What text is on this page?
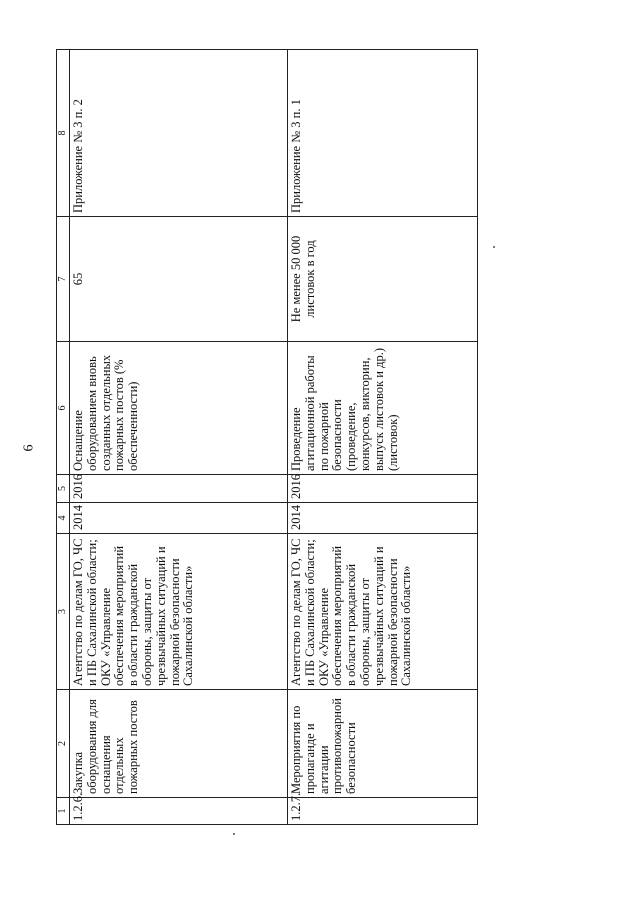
6
1	2	3	4	5	6	7	8
1.2.6.	Закупка оборудования для оснащения отдельных пожарных постов	Агентство по делам ГО, ЧС и ПБ Сахалинской области; ОКУ «Управление обеспечения мероприятий в области гражданской обороны, защиты от чрезвычайных ситуаций и пожарной безопасности Сахалинской области»	2014	2016	Оснащение оборудованием вновь созданных отдельных пожарных постов (% обеспеченности)	65	Приложение № 3 п. 2
1.2.7.	Мероприятия по пропаганде и агитации противопожарной безопасности	Агентство по делам ГО, ЧС и ПБ Сахалинской области; ОКУ «Управление обеспечения мероприятий в области гражданской обороны, защиты от чрезвычайных ситуаций и пожарной безопасности Сахалинской области»	2014	2016	Проведение агитационной работы по пожарной безопасности (проведение, конкурсов, викторин, выпуск листовок и др.) (листовок)	Не менее 50 000 листовок в год	Приложение № 3 п. 1
